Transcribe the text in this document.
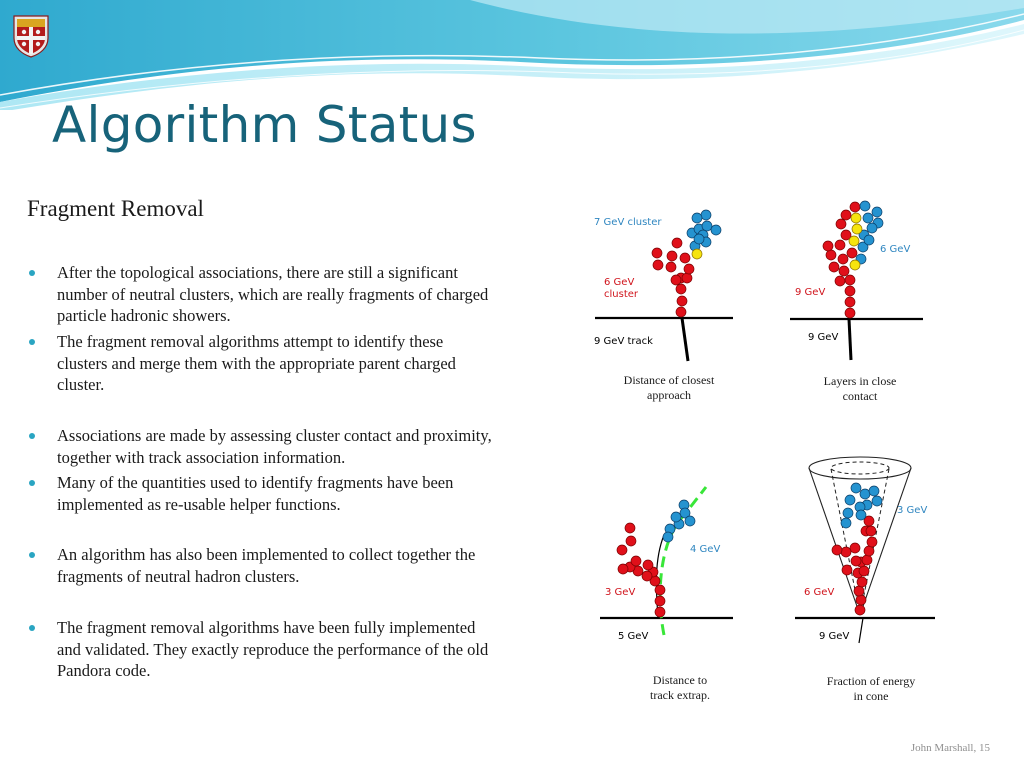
Algorithm Status
Fragment Removal
After the topological associations, there are still a significant number of neutral clusters, which are really fragments of charged particle hadronic showers.
The fragment removal algorithms attempt to identify these clusters and merge them with the appropriate parent charged cluster.
Associations are made by assessing cluster contact and proximity, together with track association information.
Many of the quantities used to identify fragments have been implemented as re-usable helper functions.
An algorithm has also been implemented to collect together the fragments of neutral hadron clusters.
The fragment removal algorithms have been fully implemented and validated. They exactly reproduce the performance of the old Pandora code.
7 GeV cluster
6 GeV
cluster
9 GeV track
Distance of closest
approach
6 GeV
9 GeV
9 GeV
Layers in close
contact
4 GeV
3 GeV
5 GeV
Distance to
track extrap.
3 GeV
6 GeV
9 GeV
Fraction of energy
in cone
John Marshall, 15
